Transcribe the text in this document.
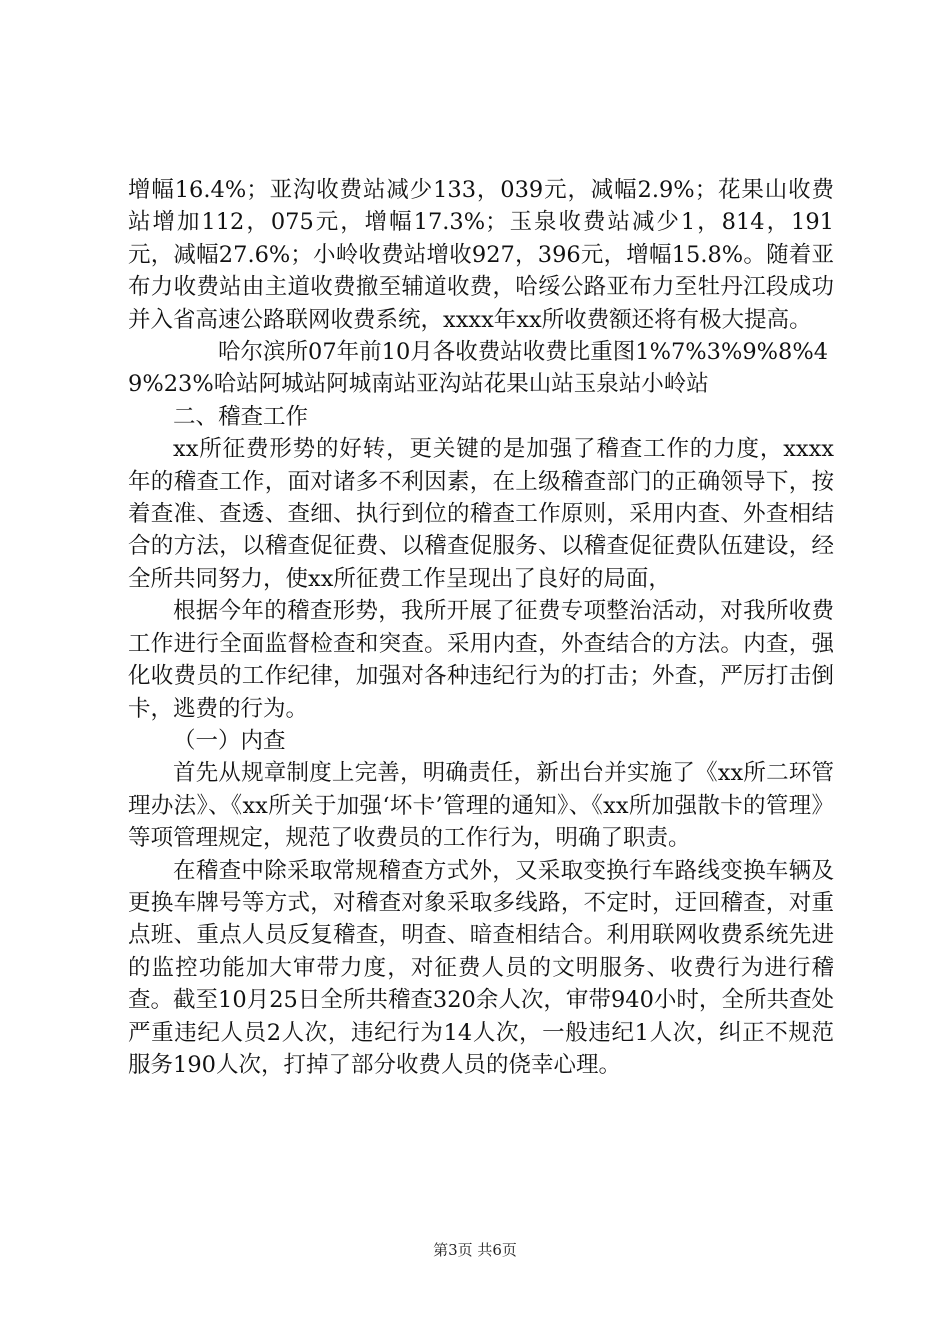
增幅16.4%；亚沟收费站减少133，039元，减幅2.9%；花果山收费站增加112，075元，增幅17.3%；玉泉收费站减少1，814，191元，减幅27.6%；小岭收费站增收927，396元，增幅15.8%。随着亚布力收费站由主道收费撤至辅道收费，哈绥公路亚布力至牡丹江段成功并入省高速公路联网收费系统，xxxx年xx所收费额还将有极大提高。

哈尔滨所07年前10月各收费站收费比重图1%7%3%9%8%49%23%哈站阿城站阿城南站亚沟站花果山站玉泉站小岭站

二、稽查工作

xx所征费形势的好转，更关键的是加强了稽查工作的力度，xxxx年的稽查工作，面对诸多不利因素，在上级稽查部门的正确领导下，按着查准、查透、查细、执行到位的稽查工作原则，采用内查、外查相结合的方法，以稽查促征费、以稽查促服务、以稽查促征费队伍建设，经全所共同努力，使xx所征费工作呈现出了良好的局面，

根据今年的稽查形势，我所开展了征费专项整治活动，对我所收费工作进行全面监督检查和突查。采用内查，外查结合的方法。内查，强化收费员的工作纪律，加强对各种违纪行为的打击；外查，严厉打击倒卡，逃费的行为。

（一）内查

首先从规章制度上完善，明确责任，新出台并实施了《xx所二环管理办法》、《xx所关于加强‘坏卡’管理的通知》、《xx所加强散卡的管理》等项管理规定，规范了收费员的工作行为，明确了职责。

在稽查中除采取常规稽查方式外，又采取变换行车路线变换车辆及更换车牌号等方式，对稽查对象采取多线路，不定时，迂回稽查，对重点班、重点人员反复稽查，明查、暗查相结合。利用联网收费系统先进的监控功能加大审带力度，对征费人员的文明服务、收费行为进行稽查。截至10月25日全所共稽查320余人次，审带940小时，全所共查处严重违纪人员2人次，违纪行为14人次，一般违纪1人次，纠正不规范服务190人次，打掉了部分收费人员的侥幸心理。

第3页 共6页
